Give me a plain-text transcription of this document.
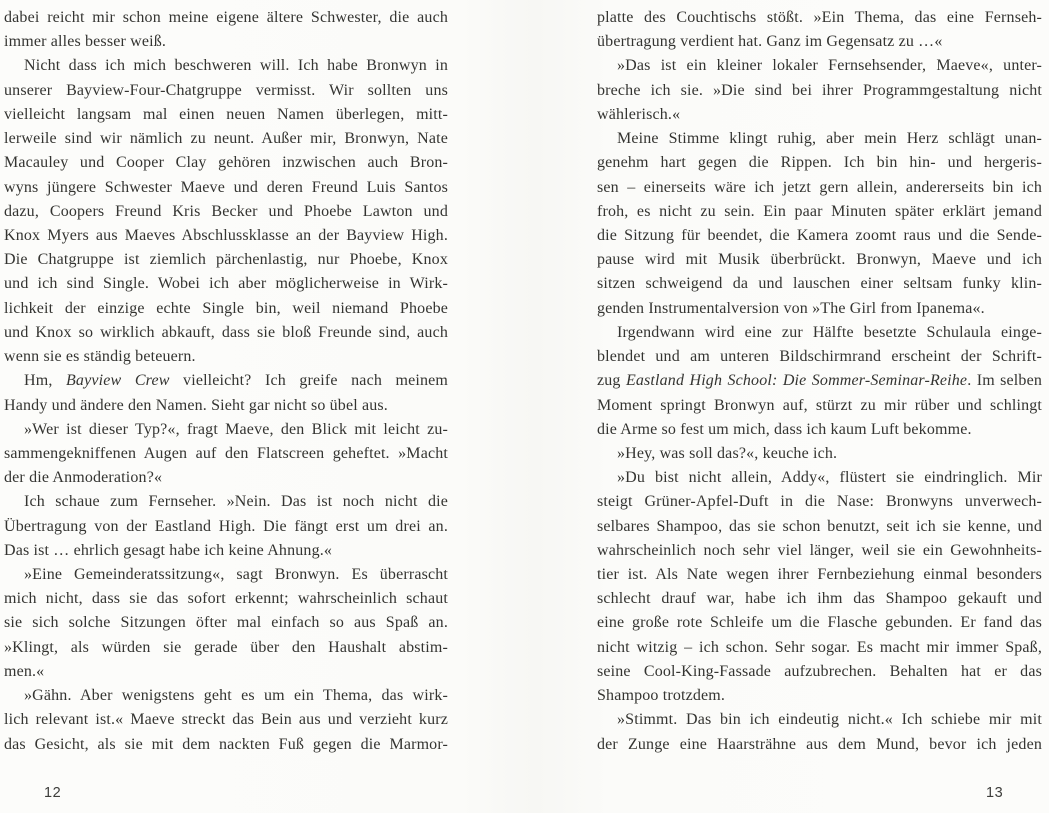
dabei reicht mir schon meine eigene ältere Schwester, die auch
immer alles besser weiß.
Nicht dass ich mich beschweren will. Ich habe Bronwyn in
unserer Bayview-Four-Chatgruppe vermisst. Wir sollten uns
vielleicht langsam mal einen neuen Namen überlegen, mitt-
lerweile sind wir nämlich zu neunt. Außer mir, Bronwyn, Nate
Macauley und Cooper Clay gehören inzwischen auch Bron-
wyns jüngere Schwester Maeve und deren Freund Luis Santos
dazu, Coopers Freund Kris Becker und Phoebe Lawton und
Knox Myers aus Maeves Abschlussklasse an der Bayview High.
Die Chatgruppe ist ziemlich pärchenlastig, nur Phoebe, Knox
und ich sind Single. Wobei ich aber möglicherweise in Wirk-
lichkeit der einzige echte Single bin, weil niemand Phoebe
und Knox so wirklich abkauft, dass sie bloß Freunde sind, auch
wenn sie es ständig beteuern.
Hm, Bayview Crew vielleicht? Ich greife nach meinem
Handy und ändere den Namen. Sieht gar nicht so übel aus.
»Wer ist dieser Typ?«, fragt Maeve, den Blick mit leicht zu-
sammengekniffenen Augen auf den Flatscreen geheftet. »Macht
der die Anmoderation?«
Ich schaue zum Fernseher. »Nein. Das ist noch nicht die
Übertragung von der Eastland High. Die fängt erst um drei an.
Das ist … ehrlich gesagt habe ich keine Ahnung.«
»Eine Gemeinderatssitzung«, sagt Bronwyn. Es überrascht
mich nicht, dass sie das sofort erkennt; wahrscheinlich schaut
sie sich solche Sitzungen öfter mal einfach so aus Spaß an.
»Klingt, als würden sie gerade über den Haushalt abstim-
men.«
»Gähn. Aber wenigstens geht es um ein Thema, das wirk-
lich relevant ist.« Maeve streckt das Bein aus und verzieht kurz
das Gesicht, als sie mit dem nackten Fuß gegen die Marmor-
platte des Couchtischs stößt. »Ein Thema, das eine Fernseh-
übertragung verdient hat. Ganz im Gegensatz zu …«
»Das ist ein kleiner lokaler Fernsehsender, Maeve«, unter-
breche ich sie. »Die sind bei ihrer Programmgestaltung nicht
wählerisch.«
Meine Stimme klingt ruhig, aber mein Herz schlägt unan-
genehm hart gegen die Rippen. Ich bin hin- und hergeris-
sen – einerseits wäre ich jetzt gern allein, andererseits bin ich
froh, es nicht zu sein. Ein paar Minuten später erklärt jemand
die Sitzung für beendet, die Kamera zoomt raus und die Sende-
pause wird mit Musik überbrückt. Bronwyn, Maeve und ich
sitzen schweigend da und lauschen einer seltsam funky klin-
genden Instrumentalversion von »The Girl from Ipanema«.
Irgendwann wird eine zur Hälfte besetzte Schulaula einge-
blendet und am unteren Bildschirmrand erscheint der Schrift-
zug Eastland High School: Die Sommer-Seminar-Reihe. Im selben
Moment springt Bronwyn auf, stürzt zu mir rüber und schlingt
die Arme so fest um mich, dass ich kaum Luft bekomme.
»Hey, was soll das?«, keuche ich.
»Du bist nicht allein, Addy«, flüstert sie eindringlich. Mir
steigt Grüner-Apfel-Duft in die Nase: Bronwyns unverwech-
selbares Shampoo, das sie schon benutzt, seit ich sie kenne, und
wahrscheinlich noch sehr viel länger, weil sie ein Gewohnheits-
tier ist. Als Nate wegen ihrer Fernbeziehung einmal besonders
schlecht drauf war, habe ich ihm das Shampoo gekauft und
eine große rote Schleife um die Flasche gebunden. Er fand das
nicht witzig – ich schon. Sehr sogar. Es macht mir immer Spaß,
seine Cool-King-Fassade aufzubrechen. Behalten hat er das
Shampoo trotzdem.
»Stimmt. Das bin ich eindeutig nicht.« Ich schiebe mir mit
der Zunge eine Haarsträhne aus dem Mund, bevor ich jeden
12	13
